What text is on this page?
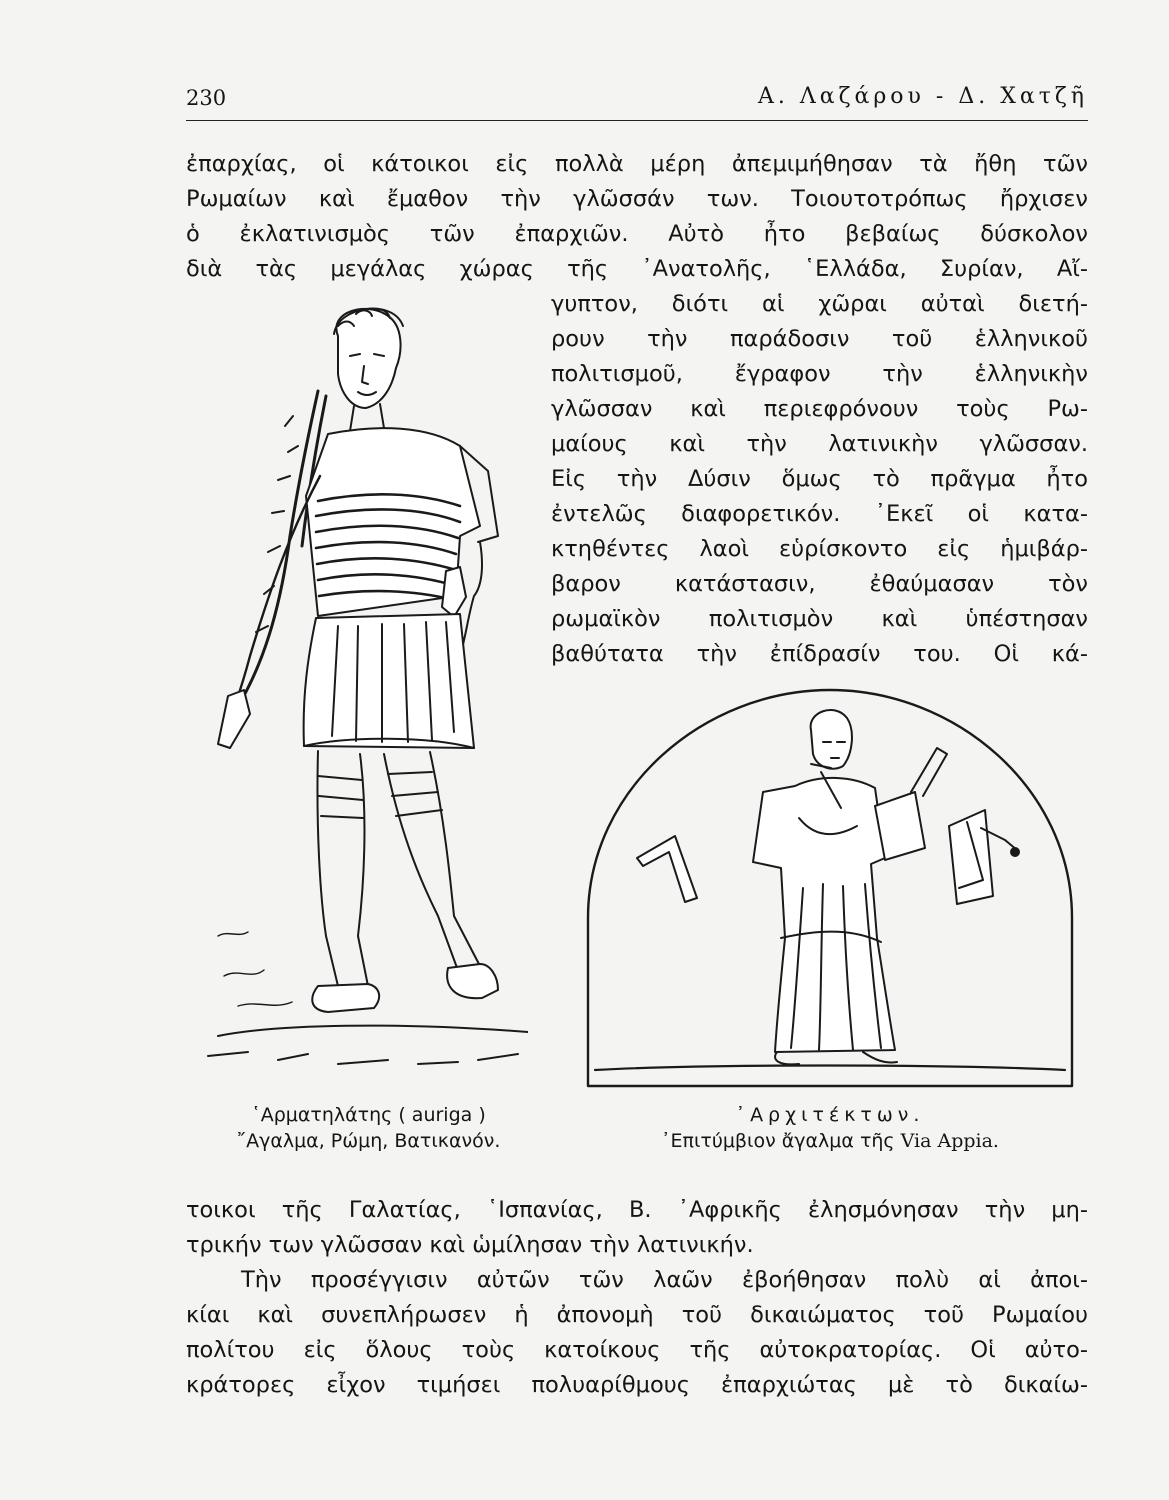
230	Α. Λαζάρου - Δ. Χατζῆ
ἐπαρχίας, οἱ κάτοικοι εἰς πολλὰ μέρη ἀπεμιμήθησαν τὰ ἤθη τῶν
Ρωμαίων καὶ ἔμαθον τὴν γλῶσσάν των. Τοιουτοτρόπως ἤρχισεν
ὁ ἐκλατινισμὸς τῶν ἐπαρχιῶν. Αὐτὸ ἦτο βεβαίως δύσκολον
διὰ τὰς μεγάλας χώρας τῆς ᾽Ανατολῆς, ῾Ελλάδα, Συρίαν, Αἴ-
γυπτον, διότι αἱ χῶραι αὐταὶ διετή-
ρουν τὴν παράδοσιν τοῦ ἑλληνικοῦ
πολιτισμοῦ, ἔγραφον τὴν ἑλληνικὴν
γλῶσσαν καὶ περιεφρόνουν τοὺς Ρω-
μαίους καὶ τὴν λατινικὴν γλῶσσαν.
Εἰς τὴν Δύσιν ὅμως τὸ πρᾶγμα ἦτο
ἐντελῶς διαφορετικόν. ᾽Εκεῖ οἱ κατα-
κτηθέντες λαοὶ εὑρίσκοντο εἰς ἡμιβάρ-
βαρον κατάστασιν, ἐθαύμασαν τὸν
ρωμαϊκὸν πολιτισμὸν καὶ ὑπέστησαν
βαθύτατα τὴν ἐπίδρασίν του. Οἱ κά-
῾Αρματηλάτης ( auriga )
῎Αγαλμα, Ρώμη, Βατικανόν.
᾽Αρχιτέκτων.
᾽Επιτύμβιον ἄγαλμα τῆς Via Appia.
τοικοι τῆς Γαλατίας, ῾Ισπανίας, Β. ᾽Αφρικῆς ἐλησμόνησαν τὴν μη-
τρικήν των γλῶσσαν καὶ ὡμίλησαν τὴν λατινικήν.
Τὴν προσέγγισιν αὐτῶν τῶν λαῶν ἐβοήθησαν πολὺ αἱ ἀποι-
κίαι καὶ συνεπλήρωσεν ἡ ἀπονομὴ τοῦ δικαιώματος τοῦ Ρωμαίου
πολίτου εἰς ὅλους τοὺς κατοίκους τῆς αὐτοκρατορίας. Οἱ αὐτο-
κράτορες εἶχον τιμήσει πολυαρίθμους ἐπαρχιώτας μὲ τὸ δικαίω-
